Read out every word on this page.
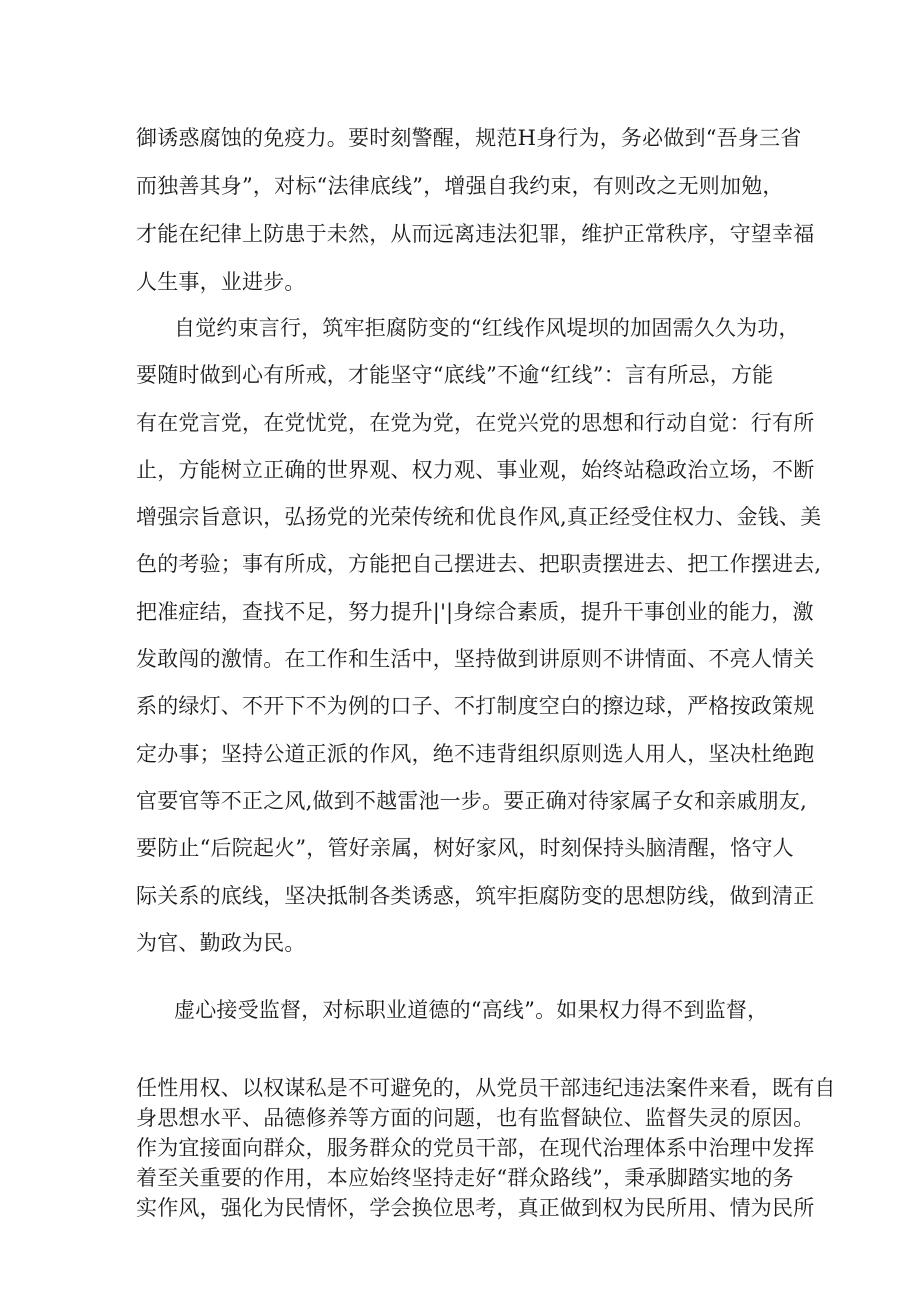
御诱惑腐蚀的免疫力。要时刻警醒，规范H身行为，务必做到“吾身三省
而独善其身”，对标“法律底线”，增强自我约束，有则改之无则加勉，
才能在纪律上防患于未然，从而远离违法犯罪，维护正常秩序，守望幸福
人生事，业进步。
自觉约束言行，筑牢拒腐防变的“红线作风堤坝的加固需久久为功，
要随时做到心有所戒，才能坚守“底线”不逾“红线”：言有所忌，方能
有在党言党，在党忧党，在党为党，在党兴党的思想和行动自觉：行有所
止，方能树立正确的世界观、权力观、事业观，始终站稳政治立场，不断
增强宗旨意识，弘扬党的光荣传统和优良作风,真正经受住权力、金钱、美
色的考验；事有所成，方能把自己摆进去、把职责摆进去、把工作摆进去,
把准症结，查找不足，努力提升|'|身综合素质，提升干事创业的能力，激
发敢闯的激情。在工作和生活中，坚持做到讲原则不讲情面、不亮人情关
系的绿灯、不开下不为例的口子、不打制度空白的擦边球，严格按政策规
定办事；坚持公道正派的作风，绝不违背组织原则选人用人，坚决杜绝跑
官要官等不正之风,做到不越雷池一步。要正确对待家属子女和亲戚朋友,
要防止“后院起火”，管好亲属，树好家风，时刻保持头脑清醒，恪守人
际关系的底线，坚决抵制各类诱惑，筑牢拒腐防变的思想防线，做到清正
为官、勤政为民。
虚心接受监督，对标职业道德的“高线”。如果权力得不到监督，
任性用权、以权谋私是不可避免的，从党员干部违纪违法案件来看，既有自
身思想水平、品德修养等方面的问题，也有监督缺位、监督失灵的原因。
作为宜接面向群众，服务群众的党员干部，在现代治理体系中治理中发挥
着至关重要的作用，本应始终坚持走好“群众路线”，秉承脚踏实地的务
实作风，强化为民情怀，学会换位思考，真正做到权为民所用、情为民所
